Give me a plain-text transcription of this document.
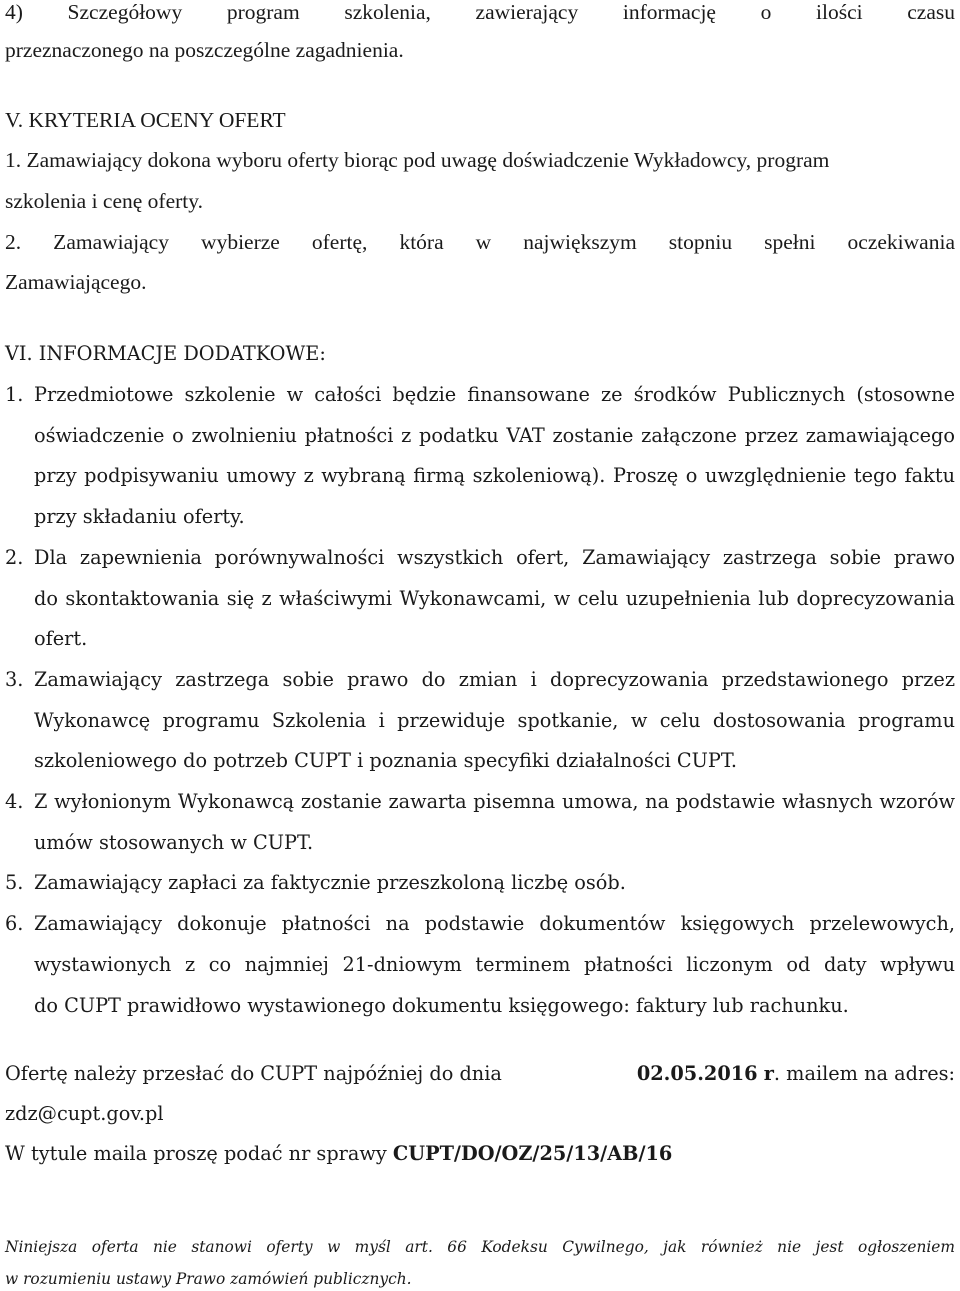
4) Szczegółowy program szkolenia, zawierający informację o ilości czasu
przeznaczonego na poszczególne zagadnienia.
V. KRYTERIA OCENY OFERT
1. Zamawiający dokona wyboru oferty biorąc pod uwagę doświadczenie Wykładowcy, program
szkolenia i cenę oferty.
2. Zamawiający wybierze ofertę, która w największym stopniu spełni oczekiwania
Zamawiającego.
VI. INFORMACJE DODATKOWE:
1. Przedmiotowe szkolenie w całości będzie finansowane ze środków Publicznych (stosowne
oświadczenie o zwolnieniu płatności z podatku VAT zostanie załączone przez zamawiającego
przy podpisywaniu umowy z wybraną firmą szkoleniową). Proszę o uwzględnienie tego faktu
przy składaniu oferty.
2. Dla zapewnienia porównywalności wszystkich ofert, Zamawiający zastrzega sobie prawo
do skontaktowania się z właściwymi Wykonawcami, w celu uzupełnienia lub doprecyzowania
ofert.
3. Zamawiający zastrzega sobie prawo do zmian i doprecyzowania przedstawionego przez
Wykonawcę programu Szkolenia i przewiduje spotkanie, w celu dostosowania programu
szkoleniowego do potrzeb CUPT i poznania specyfiki działalności CUPT.
4. Z wyłonionym Wykonawcą zostanie zawarta pisemna umowa, na podstawie własnych wzorów
umów stosowanych w CUPT.
5. Zamawiający zapłaci za faktycznie przeszkoloną liczbę osób.
6. Zamawiający dokonuje płatności na podstawie dokumentów księgowych przelewowych,
wystawionych z co najmniej 21-dniowym terminem płatności liczonym od daty wpływu
do CUPT prawidłowo wystawionego dokumentu księgowego: faktury lub rachunku.
Ofertę należy przesłać do CUPT najpóźniej do dnia	02.05.2016 r. mailem na adres:
zdz@cupt.gov.pl
W tytule maila proszę podać nr sprawy CUPT/DO/OZ/25/13/AB/16
Niniejsza oferta nie stanowi oferty w myśl art. 66 Kodeksu Cywilnego, jak również nie jest ogłoszeniem
w rozumieniu ustawy Prawo zamówień publicznych.
